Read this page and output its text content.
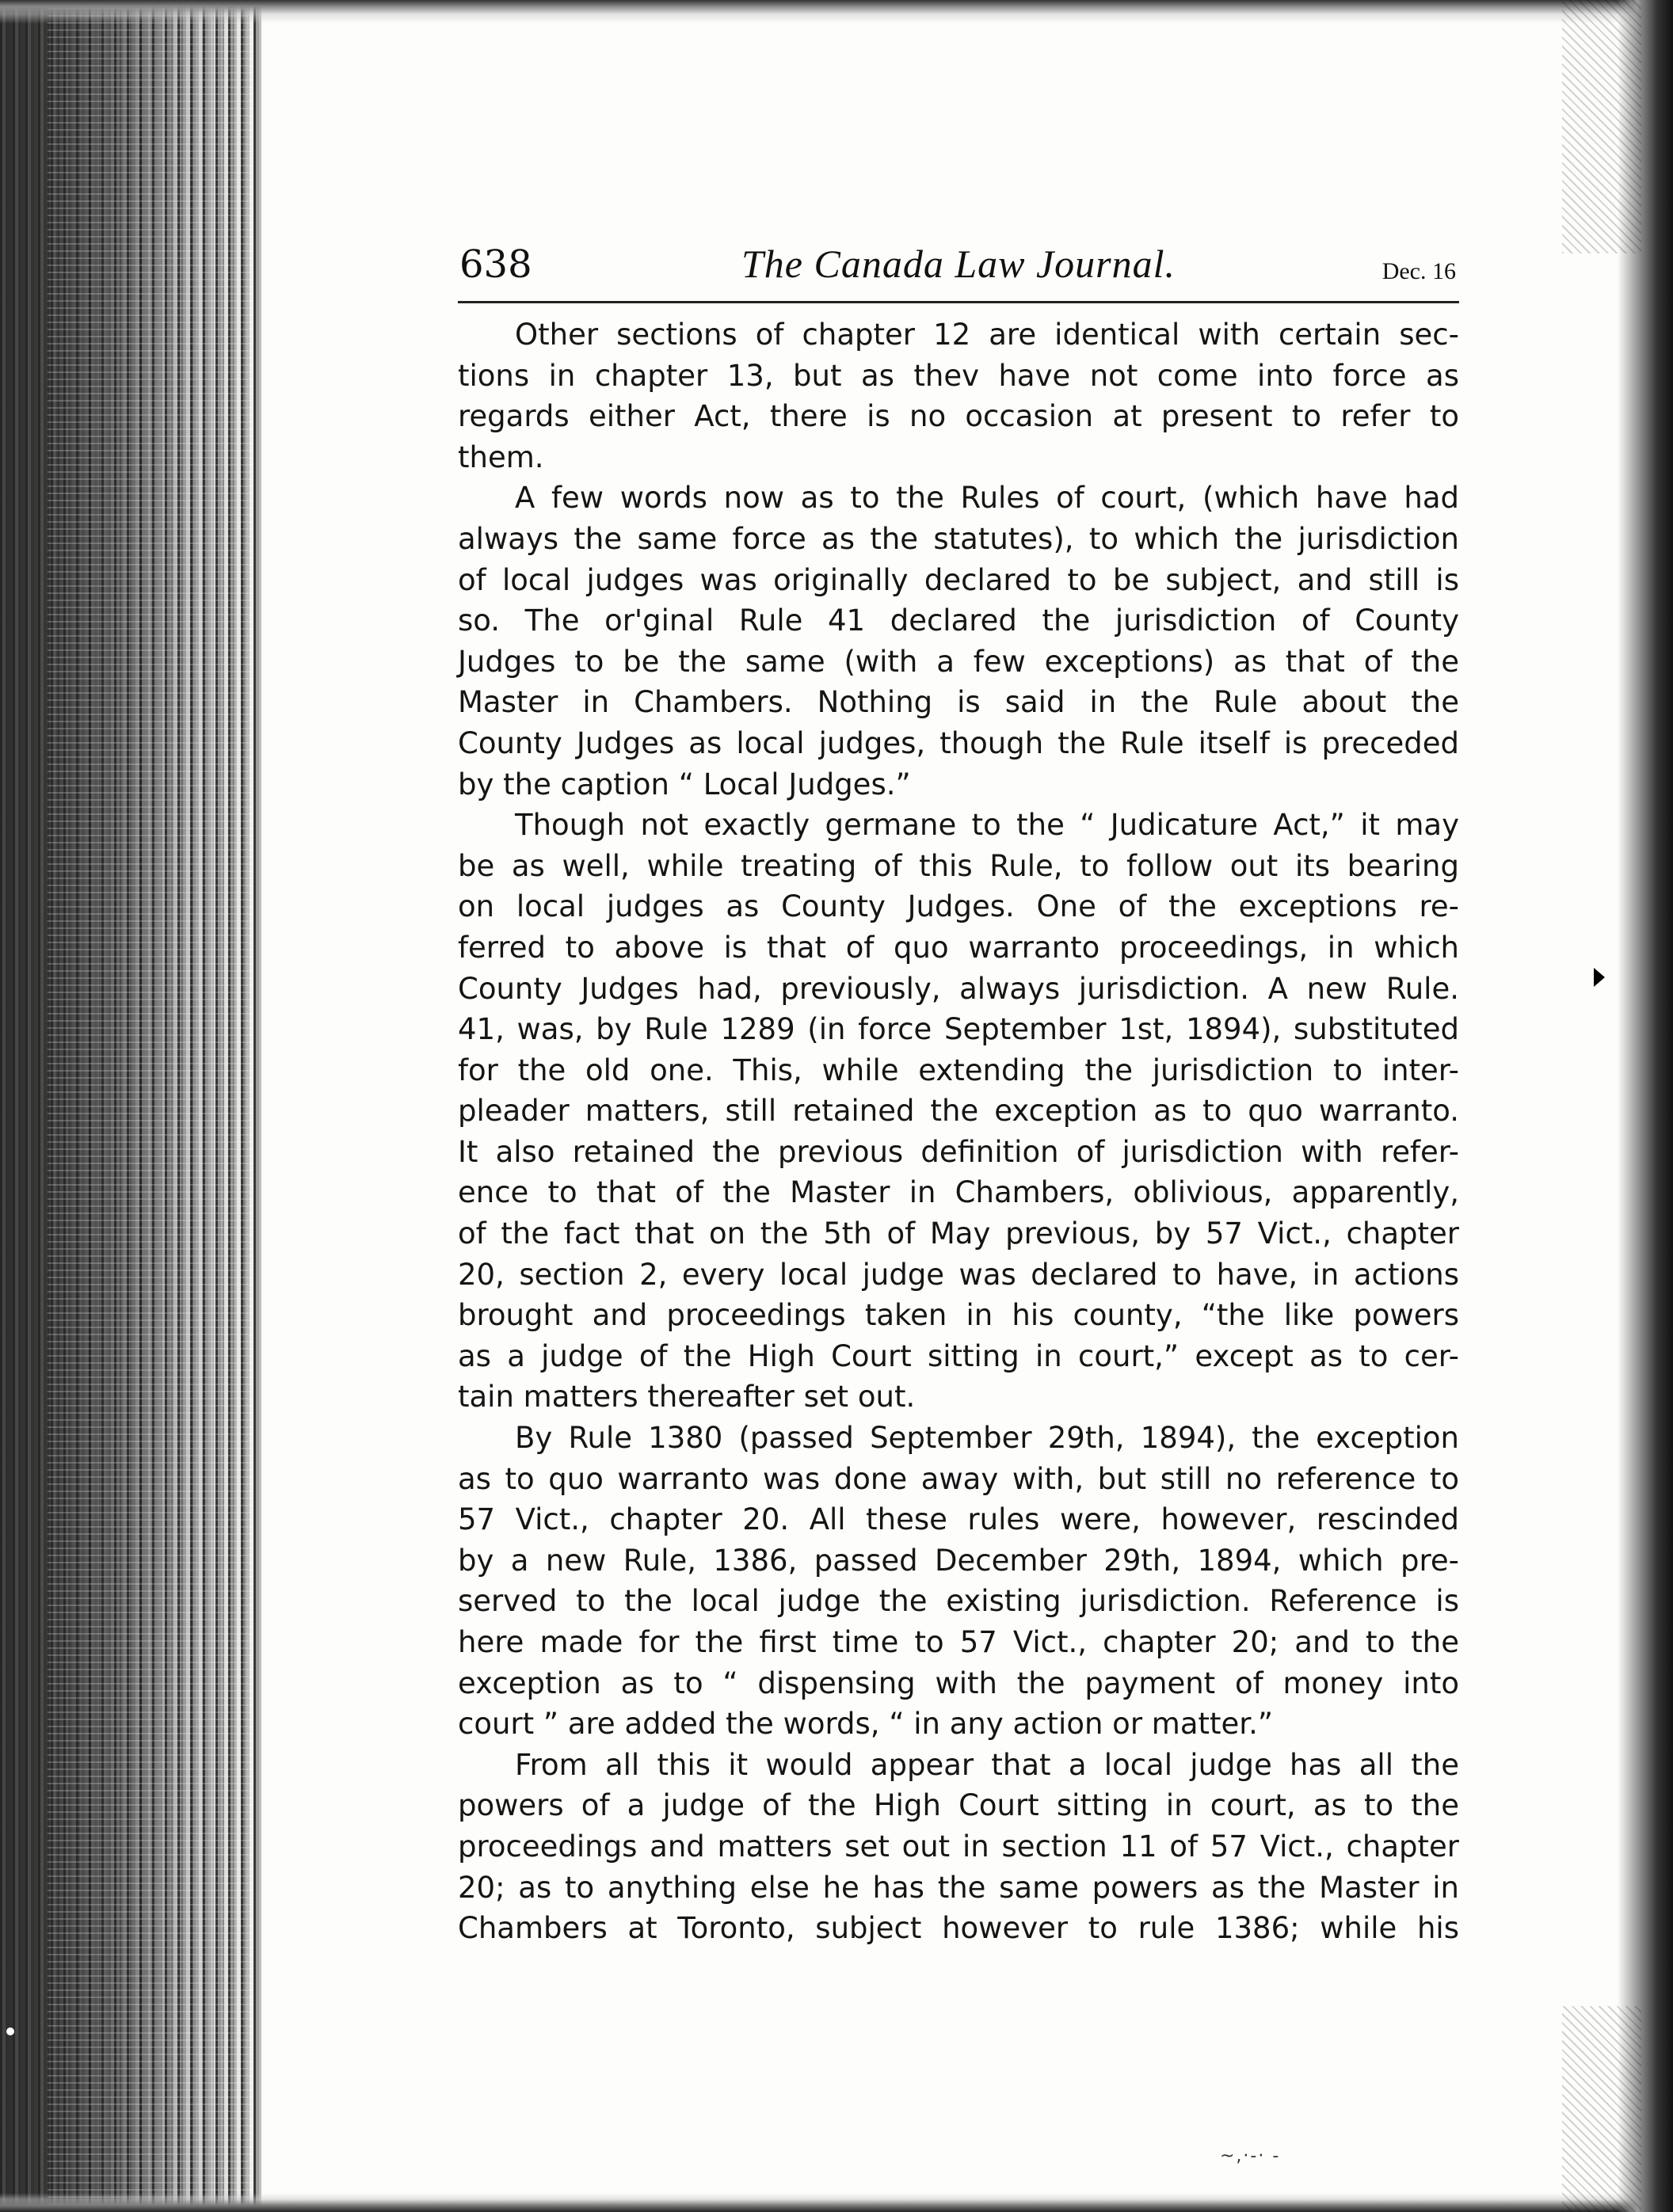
638	The Canada Law Journal.	Dec. 16
Other sections of chapter 12 are identical with certain sec-
tions in chapter 13, but as thev have not come into force as
regards either Act, there is no occasion at present to refer to
them.
A few words now as to the Rules of court, (which have had
always the same force as the statutes), to which the jurisdiction
of local judges was originally declared to be subject, and still is
so. The or'ginal Rule 41 declared the jurisdiction of County
Judges to be the same (with a few exceptions) as that of the
Master in Chambers. Nothing is said in the Rule about the
County Judges as local judges, though the Rule itself is preceded
by the caption “ Local Judges.”
Though not exactly germane to the “ Judicature Act,” it may
be as well, while treating of this Rule, to follow out its bearing
on local judges as County Judges. One of the exceptions re-
ferred to above is that of quo warranto proceedings, in which
County Judges had, previously, always jurisdiction. A new Rule.
41, was, by Rule 1289 (in force September 1st, 1894), substituted
for the old one. This, while extending the jurisdiction to inter-
pleader matters, still retained the exception as to quo warranto.
It also retained the previous definition of jurisdiction with refer-
ence to that of the Master in Chambers, oblivious, apparently,
of the fact that on the 5th of May previous, by 57 Vict., chapter
20, section 2, every local judge was declared to have, in actions
brought and proceedings taken in his county, “the like powers
as a judge of the High Court sitting in court,” except as to cer-
tain matters thereafter set out.
By Rule 1380 (passed September 29th, 1894), the exception
as to quo warranto was done away with, but still no reference to
57 Vict., chapter 20. All these rules were, however, rescinded
by a new Rule, 1386, passed December 29th, 1894, which pre-
served to the local judge the existing jurisdiction. Reference is
here made for the first time to 57 Vict., chapter 20; and to the
exception as to “ dispensing with the payment of money into
court ” are added the words, “ in any action or matter.”
From all this it would appear that a local judge has all the
powers of a judge of the High Court sitting in court, as to the
proceedings and matters set out in section 11 of 57 Vict., chapter
20; as to anything else he has the same powers as the Master in
Chambers at Toronto, subject however to rule 1386; while his
~,·‐· -
